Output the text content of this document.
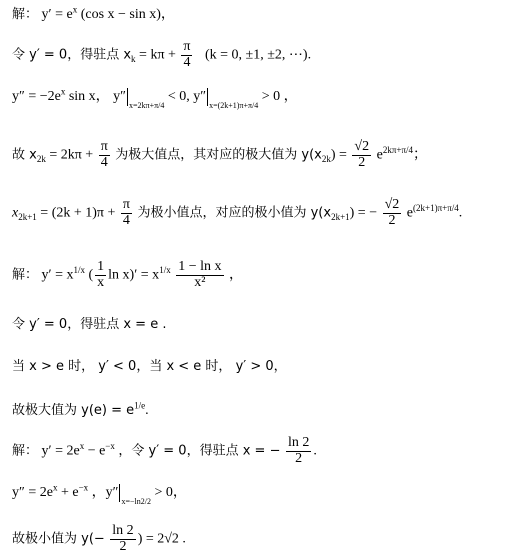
解： $y' = e^x$ (cos x − sin x)，
令 y′ = 0，得驻点 $x_k = k\pi + \frac{\pi}{4} (k = 0$, ±1, ±2, ⋯).
$y'' = -2e^x$ sin x， $y''_{x=2k\pi+\pi/4} < 0$, $y''_{x=(2k+1)\pi+\pi/4} > 0$ ，
故 $x_{2k} = 2k\pi + \frac{\pi}{4}$ 为极大值点，其对应的极大值为 $y(x_{2k}) = \frac{√2}{2} e^{2k\pi+\pi/4}$；
$x_{2k+1} = (2k + 1)\pi + \frac{\pi}{4}$ 为极小值点，对应的极小值为 $y(x_{2k+1})$ = − $\frac{√2}{2} e^{(2k+1)\pi+\pi/4}$.
解： $y' = x^{1/x}$ ( $\frac{1}{x}$ $\ln x)' = x^{1/x} \frac{\text{1 − ln x}}{\text{x²}}$ ，
令 y′ = 0，得驻点 x = e .
当 x > e 时， y′ < 0，当 x < e 时， y′ > 0，
故极大值为 $y(e) = e^{1/e}$.
解： $y' = 2e^x - e^{-x}$ ，令 y′ = 0，得驻点 x = − $\frac{\ln 2}{2}$ .
$y'' = 2e^x + e^{-x}$ ，$y''_{x=-ln2/2} > 0$，
故极小值为 $y(- \frac{\ln 2}{2}$ ) = 2√2 .
